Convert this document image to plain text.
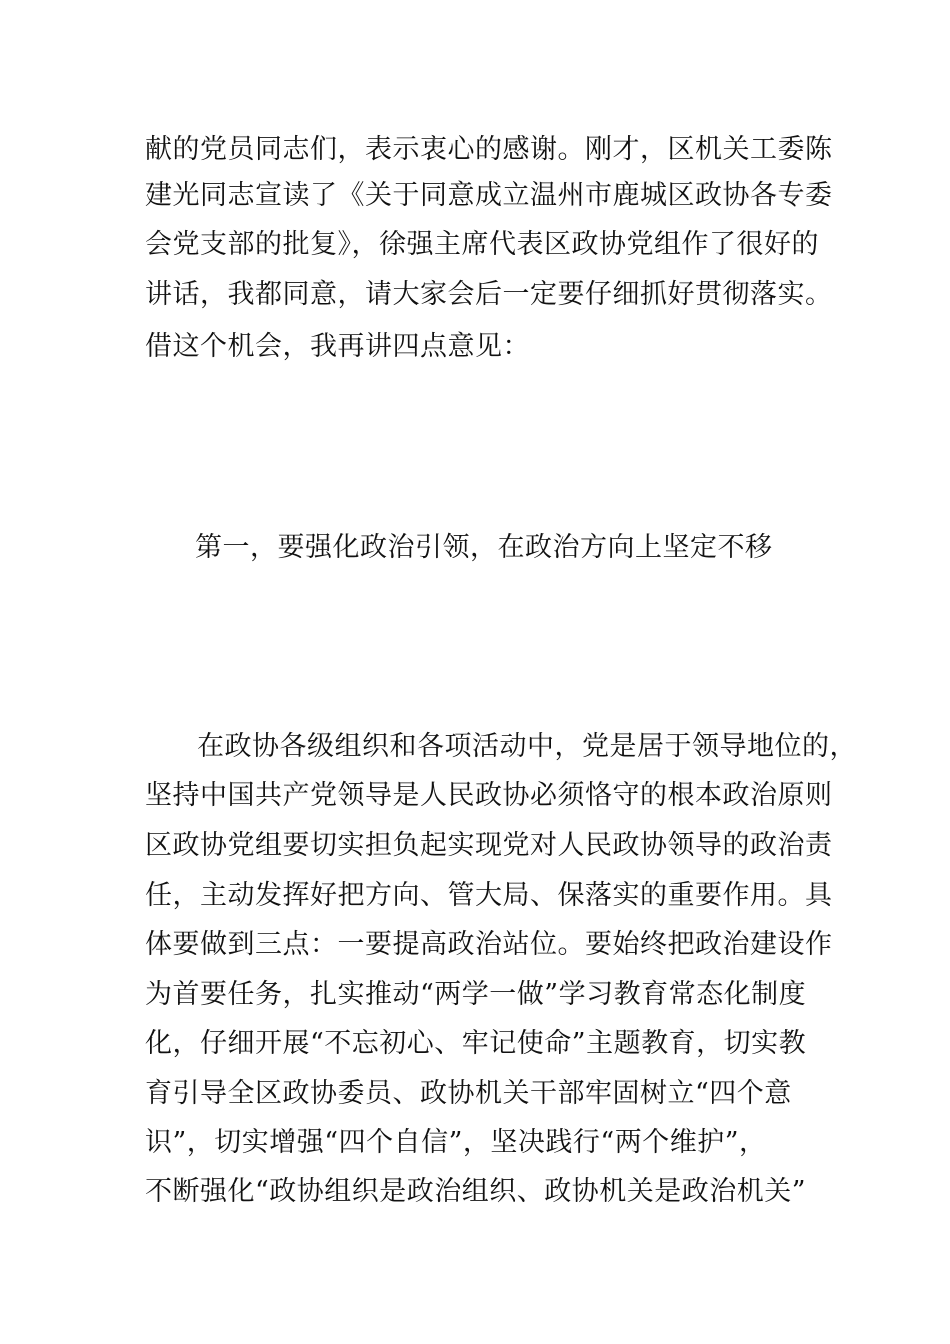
献的党员同志们，表示衷心的感谢。刚才，区机关工委陈
建光同志宣读了《关于同意成立温州市鹿城区政协各专委
会党支部的批复》，徐强主席代表区政协党组作了很好的
讲话，我都同意，请大家会后一定要仔细抓好贯彻落实。
借这个机会，我再讲四点意见：
第一，要强化政治引领，在政治方向上坚定不移
在政协各级组织和各项活动中，党是居于领导地位的，
坚持中国共产党领导是人民政协必须恪守的根本政治原则
区政协党组要切实担负起实现党对人民政协领导的政治责
任，主动发挥好把方向、管大局、保落实的重要作用。具
体要做到三点：一要提高政治站位。要始终把政治建设作
为首要任务，扎实推动“两学一做”学习教育常态化制度
化，仔细开展“不忘初心、牢记使命”主题教育，切实教
育引导全区政协委员、政协机关干部牢固树立“四个意
识”，切实增强“四个自信”，坚决践行“两个维护”，
不断强化“政协组织是政治组织、政协机关是政治机关”
